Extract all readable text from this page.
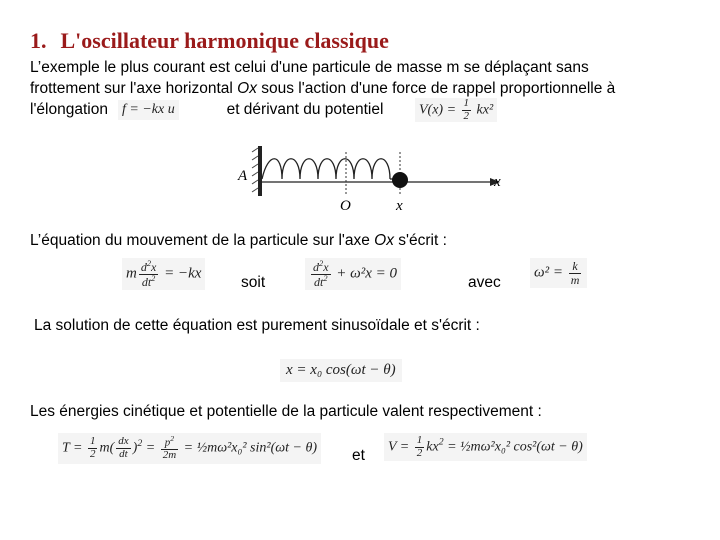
1. L'oscillateur harmonique classique
L’exemple le plus courant est celui d'une particule de masse m se déplaçant sans
frottement sur l'axe horizontal Ox sous l'action d'une force de rappel proportionnelle à
l'élongation	et dérivant du potentiel
f = −kx u	$V(x) = \frac{1}{2} kx^2$
A
O	x
x
L’équation du mouvement de la particule sur l'axe Ox s'écrit :
m $\frac{d^2x}{dt^2} = -kx$
soit	$\frac{d^2x}{dt^2} + \omega^2x = 0$
avec
$\omega^2 = \frac{k}{m}$
La solution de cette équation est purement sinusoïdale et s'écrit :
x = x₀ cos(ωt − θ)
Les énergies cinétique et potentielle de la particule valent respectivement :
$T = \frac{1}{2} m( \frac{dx}{dt} )^2 = \frac{p^2}{2m}$ = ½mω²x₀² sin²(ωt − θ) et
$V = \frac{1}{2} kx^2$ = ½mω²x₀² cos²(ωt − θ)
